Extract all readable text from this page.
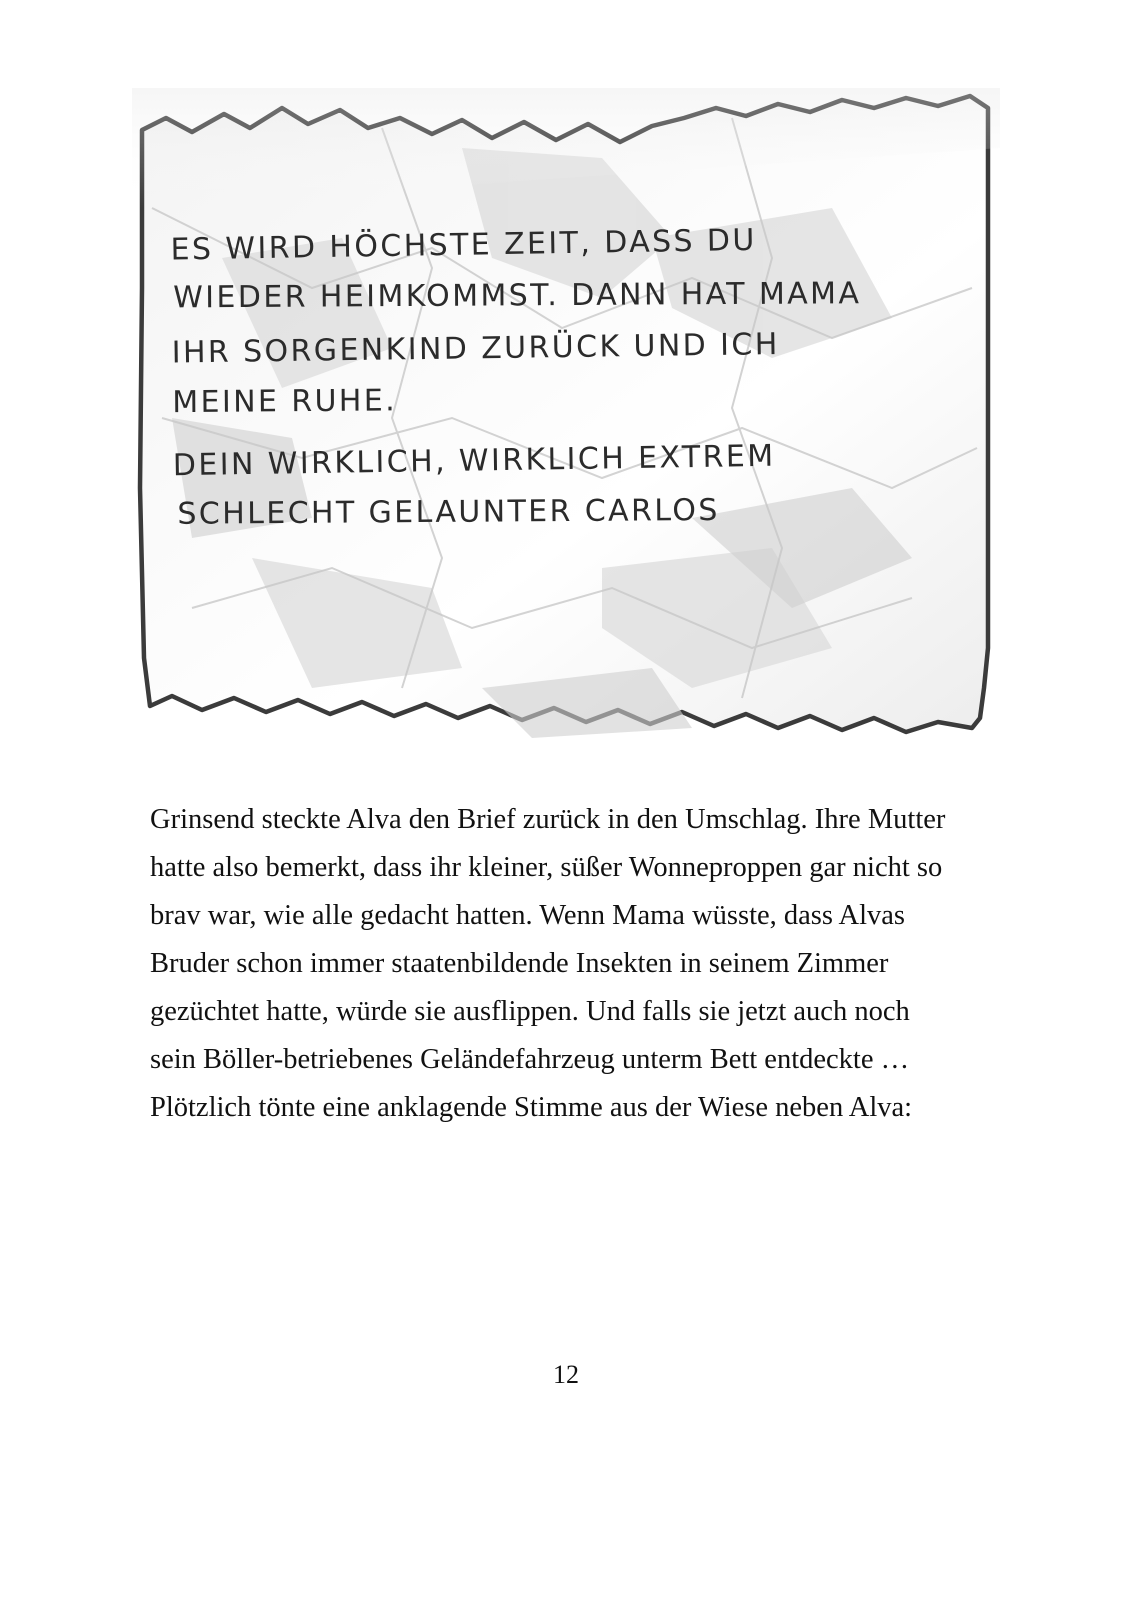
ES WIRD HÖCHSTE ZEIT, DASS DU
WIEDER HEIMKOMMST. DANN HAT MAMA
IHR SORGENKIND ZURÜCK UND ICH
MEINE RUHE.
DEIN WIRKLICH, WIRKLICH EXTREM
SCHLECHT GELAUNTER CARLOS

Grinsend steckte Alva den Brief zurück in den Umschlag. Ihre Mutter hatte also bemerkt, dass ihr kleiner, süßer Wonneproppen gar nicht so brav war, wie alle gedacht hatten. Wenn Mama wüsste, dass Alvas Bruder schon immer staatenbildende Insekten in seinem Zimmer gezüchtet hatte, würde sie ausflippen. Und falls sie jetzt auch noch sein Böller-betriebenes Geländefahrzeug unterm Bett entdeckte …

Plötzlich tönte eine anklagende Stimme aus der Wiese neben Alva:

12
